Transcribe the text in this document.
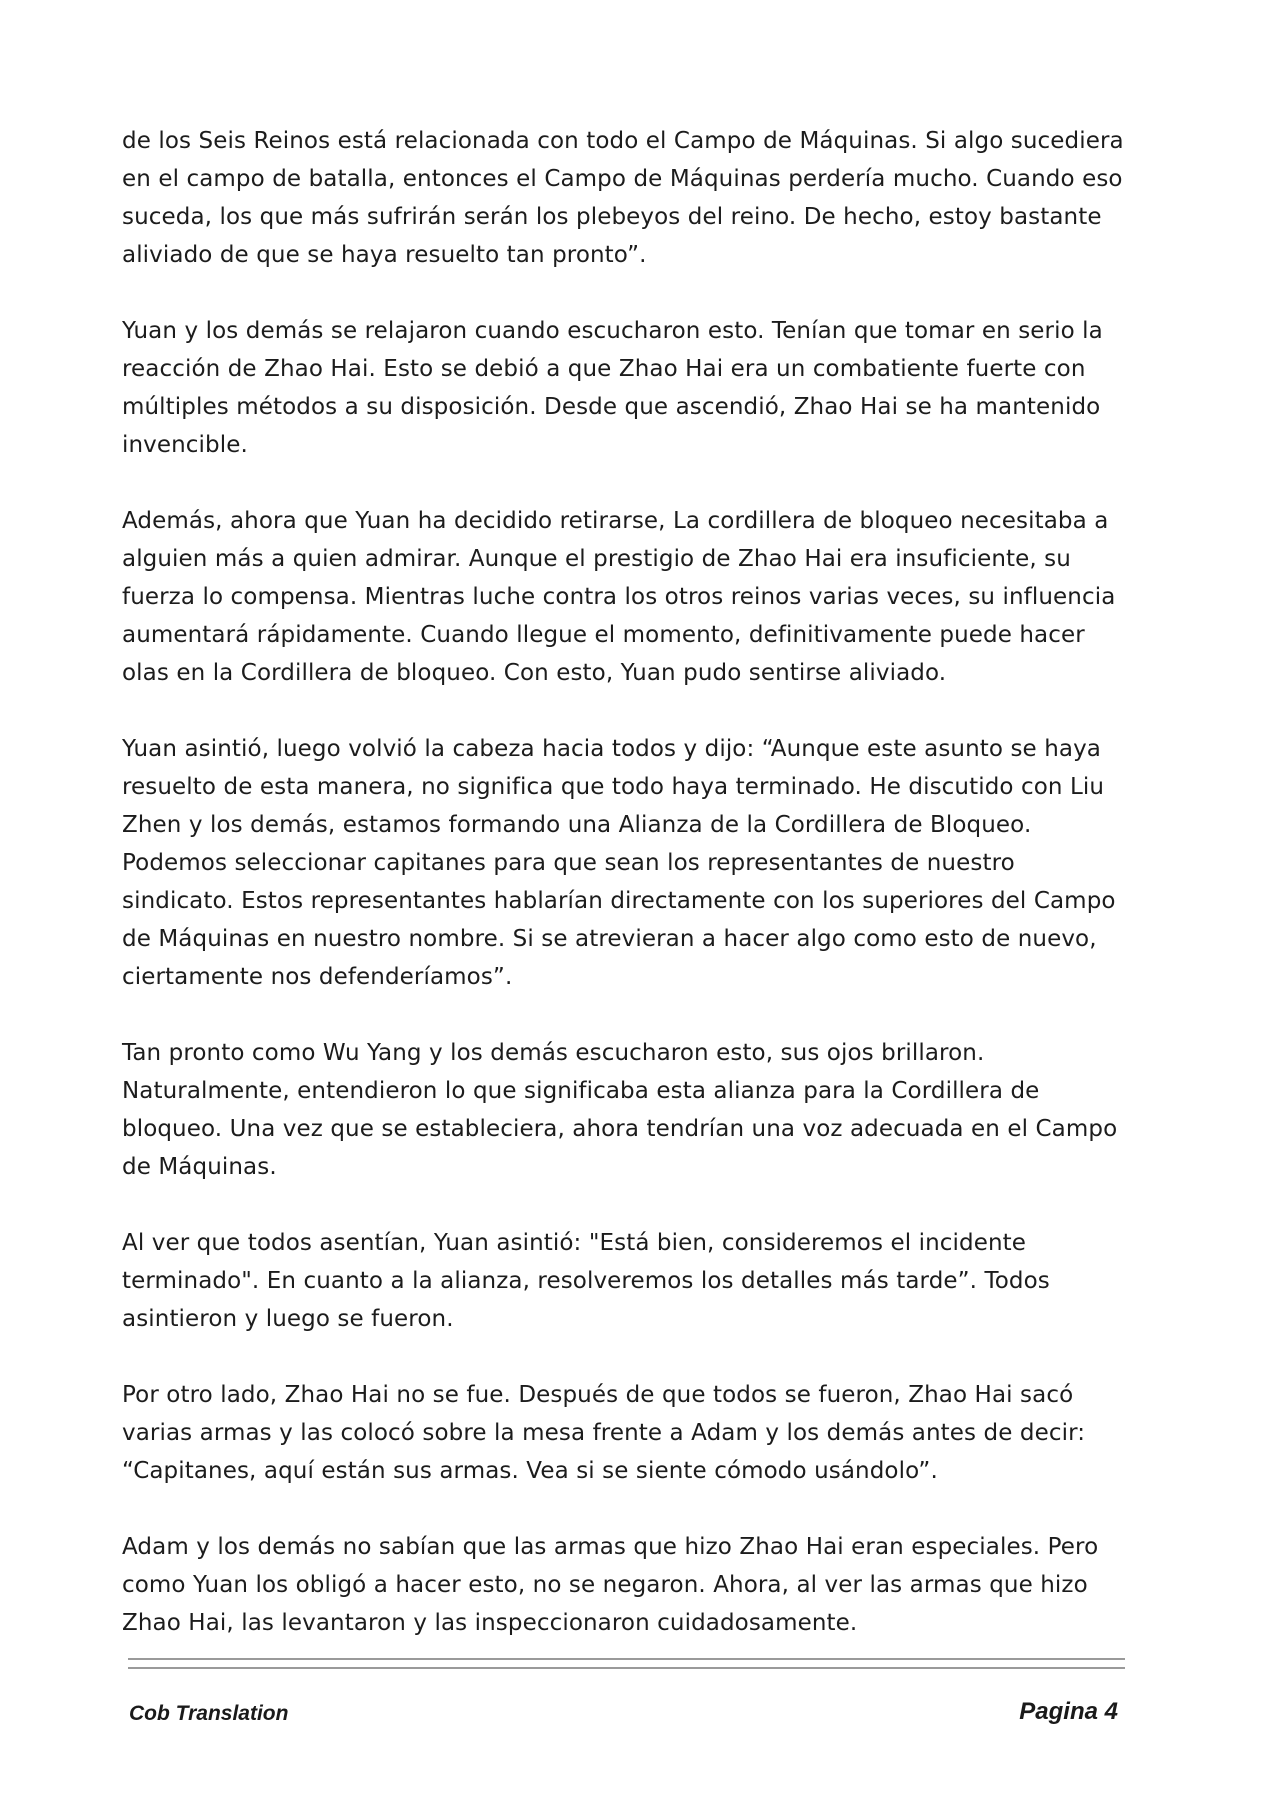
de los Seis Reinos está relacionada con todo el Campo de Máquinas. Si algo sucediera en el campo de batalla, entonces el Campo de Máquinas perdería mucho. Cuando eso suceda, los que más sufrirán serán los plebeyos del reino. De hecho, estoy bastante aliviado de que se haya resuelto tan pronto”.

Yuan y los demás se relajaron cuando escucharon esto. Tenían que tomar en serio la reacción de Zhao Hai. Esto se debió a que Zhao Hai era un combatiente fuerte con múltiples métodos a su disposición. Desde que ascendió, Zhao Hai se ha mantenido invencible.

Además, ahora que Yuan ha decidido retirarse, La cordillera de bloqueo necesitaba a alguien más a quien admirar. Aunque el prestigio de Zhao Hai era insuficiente, su fuerza lo compensa. Mientras luche contra los otros reinos varias veces, su influencia aumentará rápidamente. Cuando llegue el momento, definitivamente puede hacer olas en la Cordillera de bloqueo. Con esto, Yuan pudo sentirse aliviado.

Yuan asintió, luego volvió la cabeza hacia todos y dijo: “Aunque este asunto se haya resuelto de esta manera, no significa que todo haya terminado. He discutido con Liu Zhen y los demás, estamos formando una Alianza de la Cordillera de Bloqueo. Podemos seleccionar capitanes para que sean los representantes de nuestro sindicato. Estos representantes hablarían directamente con los superiores del Campo de Máquinas en nuestro nombre. Si se atrevieran a hacer algo como esto de nuevo, ciertamente nos defenderíamos”.

Tan pronto como Wu Yang y los demás escucharon esto, sus ojos brillaron. Naturalmente, entendieron lo que significaba esta alianza para la Cordillera de bloqueo. Una vez que se estableciera, ahora tendrían una voz adecuada en el Campo de Máquinas.

Al ver que todos asentían, Yuan asintió: "Está bien, consideremos el incidente terminado". En cuanto a la alianza, resolveremos los detalles más tarde”. Todos asintieron y luego se fueron.

Por otro lado, Zhao Hai no se fue. Después de que todos se fueron, Zhao Hai sacó varias armas y las colocó sobre la mesa frente a Adam y los demás antes de decir: “Capitanes, aquí están sus armas. Vea si se siente cómodo usándolo”.

Adam y los demás no sabían que las armas que hizo Zhao Hai eran especiales. Pero como Yuan los obligó a hacer esto, no se negaron. Ahora, al ver las armas que hizo Zhao Hai, las levantaron y las inspeccionaron cuidadosamente.

Cob Translation	Pagina 4
